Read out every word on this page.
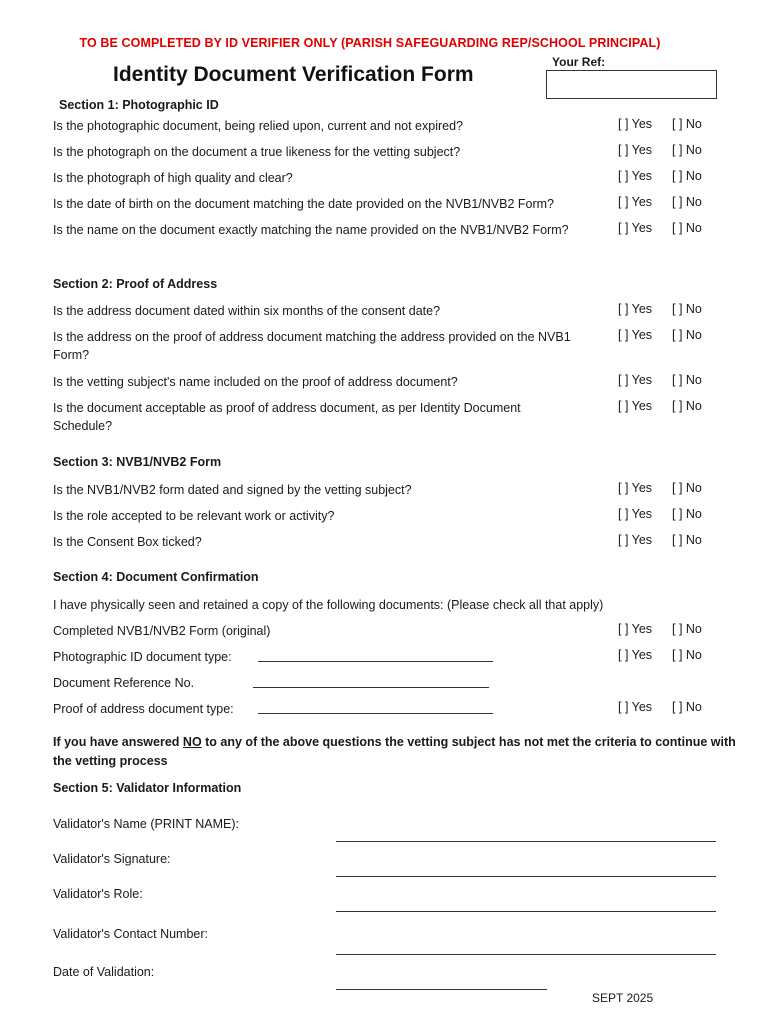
TO BE COMPLETED BY ID VERIFIER ONLY (PARISH SAFEGUARDING REP/SCHOOL PRINCIPAL)
Identity Document Verification Form
Your Ref:
Section 1: Photographic ID
Is the photographic document, being relied upon, current and not expired?	[ ] Yes [ ] No
Is the photograph on the document a true likeness for the vetting subject?	[ ] Yes [ ] No
Is the photograph of high quality and clear?	[ ] Yes [ ] No
Is the date of birth on the document matching the date provided on the NVB1/NVB2 Form?	[ ] Yes [ ] No
Is the name on the document exactly matching the name provided on the NVB1/NVB2 Form?	[ ] Yes [ ] No
Section 2: Proof of Address
Is the address document dated within six months of the consent date?	[ ] Yes [ ] No
Is the address on the proof of address document matching the address provided on the NVB1 Form?
[ ] Yes [ ] No
Is the vetting subject's name included on the proof of address document?	[ ] Yes [ ] No
Is the document acceptable as proof of address document, as per Identity Document Schedule?
[ ] Yes [ ] No
Section 3: NVB1/NVB2 Form
Is the NVB1/NVB2 form dated and signed by the vetting subject?	[ ] Yes [ ] No
Is the role accepted to be relevant work or activity?	[ ] Yes [ ] No
Is the Consent Box ticked?	[ ] Yes [ ] No
Section 4: Document Confirmation
I have physically seen and retained a copy of the following documents: (Please check all that apply)
Completed NVB1/NVB2 Form (original)	[ ] Yes [ ] No
Photographic ID document type:	[ ] Yes [ ] No
Document Reference No.
Proof of address document type:	[ ] Yes [ ] No
If you have answered NO to any of the above questions the vetting subject has not met the criteria to continue with the vetting process
Section 5: Validator Information
Validator's Name (PRINT NAME):
Validator's Signature:
Validator's Role:
Validator's Contact Number:
Date of Validation:
SEPT 2025
